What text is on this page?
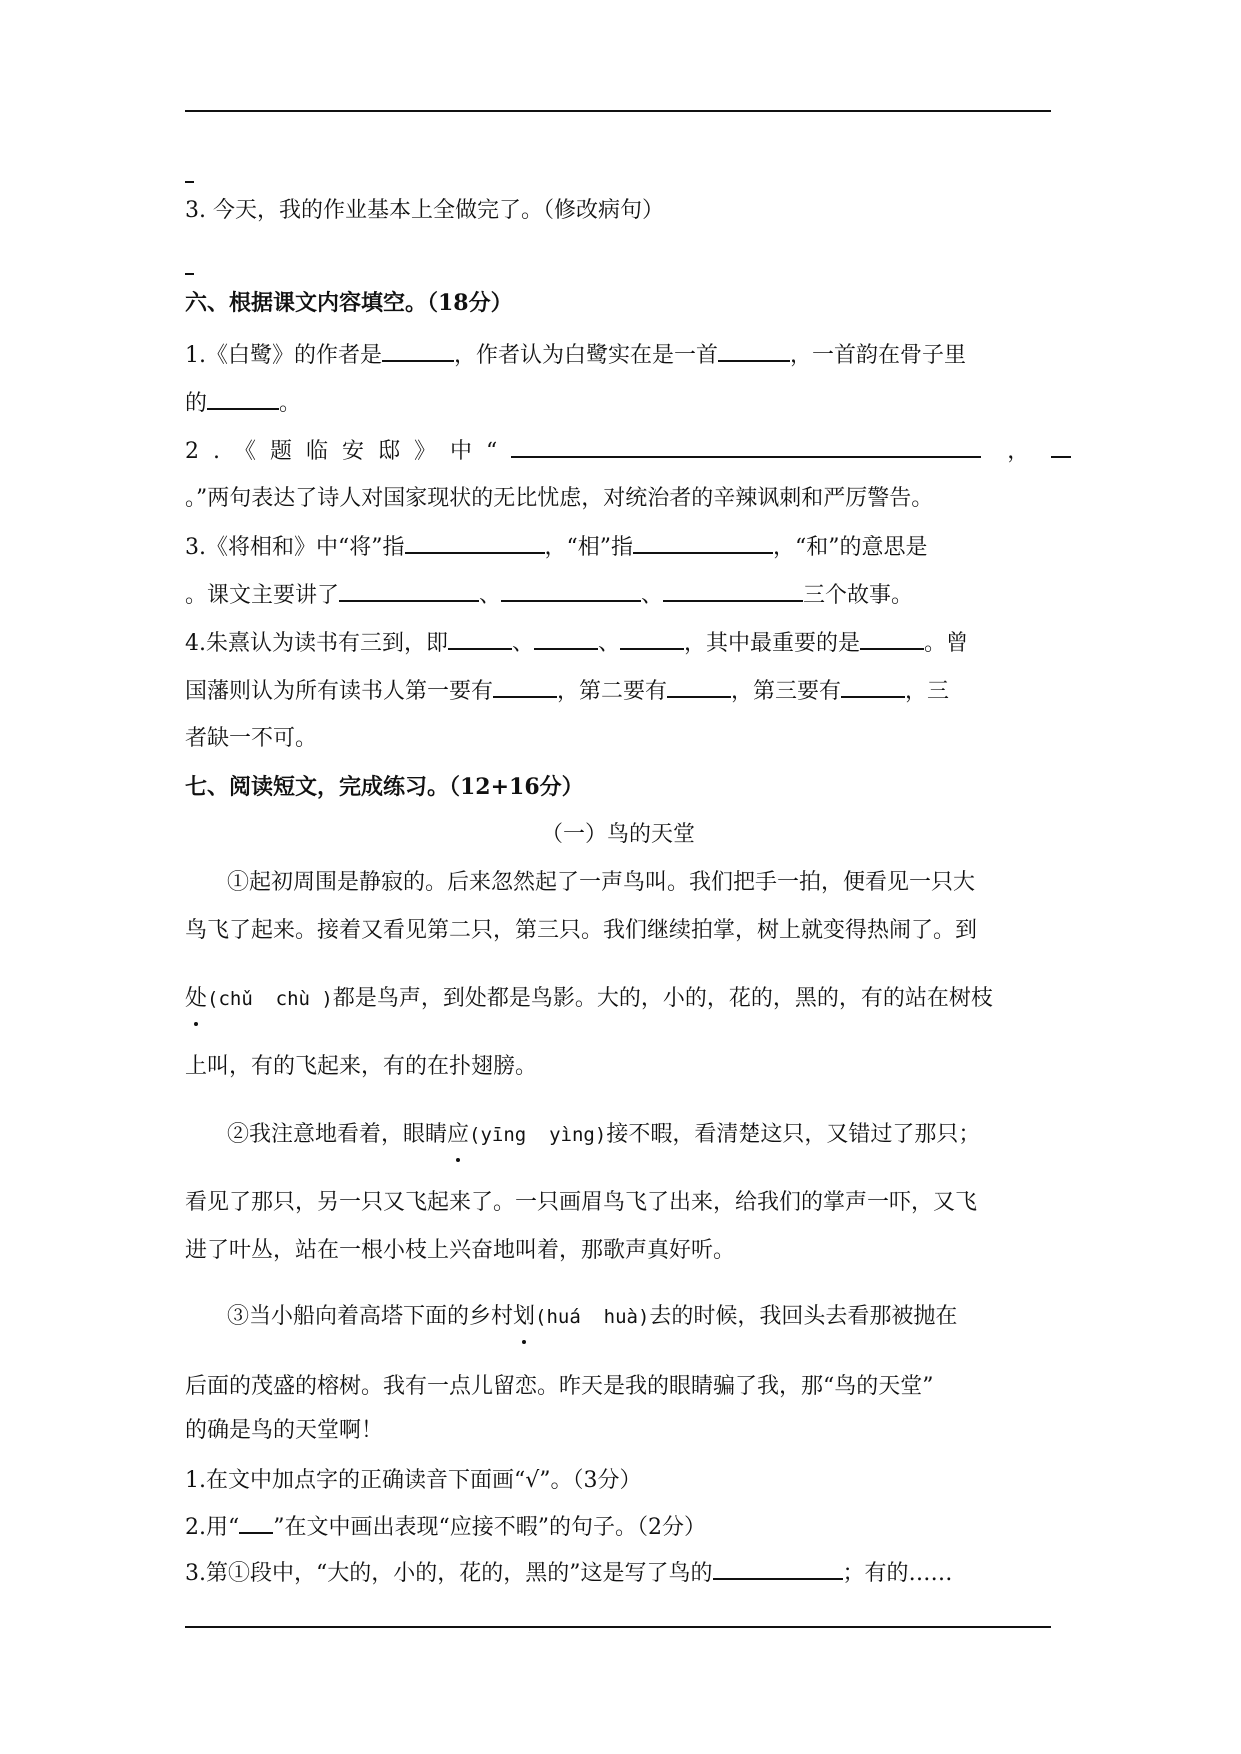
3. 今天，我的作业基本上全做完了。（修改病句）
六、根据课文内容填空。（18分）
1.《白鹭》的作者是	，作者认为白鹭实在是一首	，一首韵在骨子里
的	。
2.《题临安邸》中“	，
。”两句表达了诗人对国家现状的无比忧虑，对统治者的辛辣讽刺和严厉警告。
3.《将相和》中“将”指	，“相”指	，“和”的意思是
。课文主要讲了	、	、	三个故事。
4.朱熹认为读书有三到，即	、	、	，其中最重要的是	。曾
国藩则认为所有读书人第一要有	，第二要有	，第三要有	，三
者缺一不可。
七、阅读短文，完成练习。（12+16分）
（一）鸟的天堂
①起初周围是静寂的。后来忽然起了一声鸟叫。我们把手一拍，便看见一只大
鸟飞了起来。接着又看见第二只，第三只。我们继续拍掌，树上就变得热闹了。到
处(chǔ  chù )都是鸟声，到处都是鸟影。大的，小的，花的，黑的，有的站在树枝
上叫，有的飞起来，有的在扑翅膀。
②我注意地看着，眼睛应(yīng  yìng)接不暇，看清楚这只，又错过了那只；
看见了那只，另一只又飞起来了。一只画眉鸟飞了出来，给我们的掌声一吓，又飞
进了叶丛，站在一根小枝上兴奋地叫着，那歌声真好听。
③当小船向着高塔下面的乡村划(huá  huà)去的时候，我回头去看那被抛在
后面的茂盛的榕树。我有一点儿留恋。昨天是我的眼睛骗了我，那“鸟的天堂”
的确是鸟的天堂啊！
1.在文中加点字的正确读音下面画“√”。（3分）
2.用“ ”在文中画出表现“应接不暇”的句子。（2分）
3.第①段中，“大的，小的，花的，黑的”这是写了鸟的	；有的……
